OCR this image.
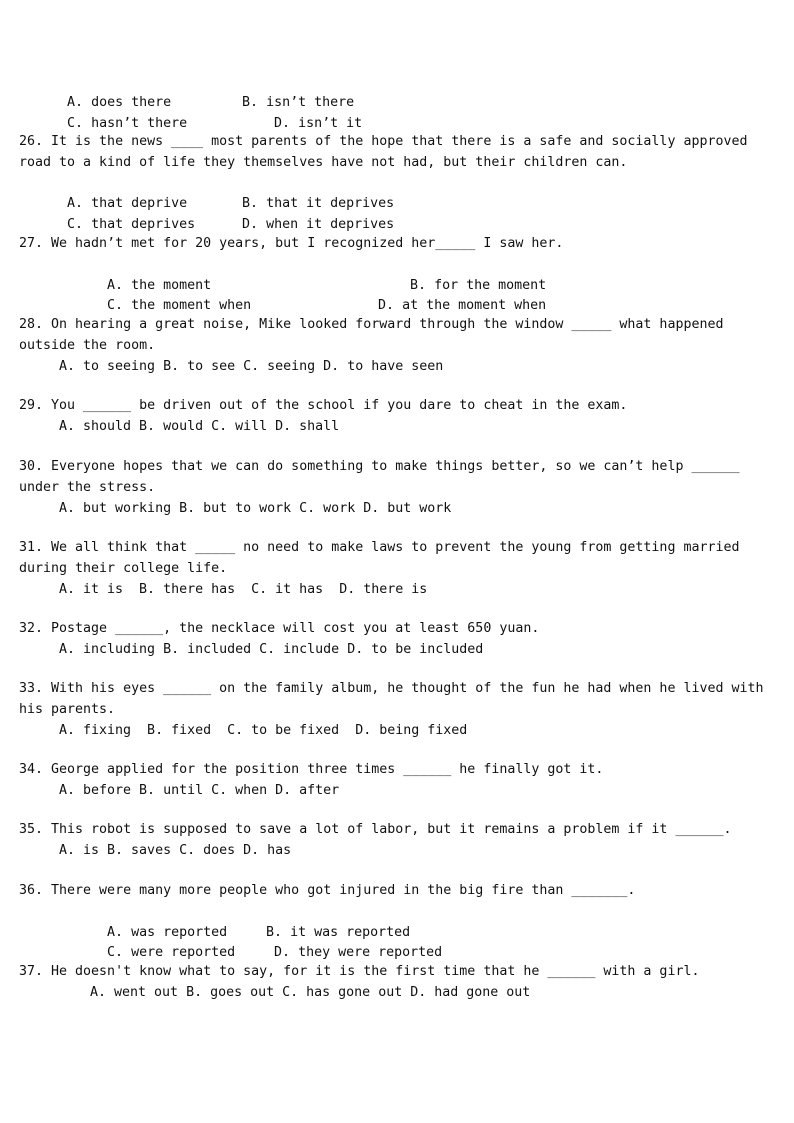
A. does there	B. isn’t there

C. hasn’t there	D. isn’t it

26. It is the news ____ most parents of the hope that there is a safe and socially approved road to a kind of life they themselves have not had, but their children can.

A. that deprive	B. that it deprives

C. that deprives	D. when it deprives

27. We hadn’t met for 20 years, but I recognized her_____ I saw her.

A. the moment	B. for the moment

C. the moment when	D. at the moment when

28. On hearing a great noise, Mike looked forward through the window _____ what happened outside the room.
A. to seeing B. to see C. seeing D. to have seen
29. You ______ be driven out of the school if you dare to cheat in the exam.
A. should B. would C. will D. shall
30. Everyone hopes that we can do something to make things better, so we can’t help ______ under the stress.
A. but working B. but to work C. work D. but work
31. We all think that _____ no need to make laws to prevent the young from getting married during their college life.
A. it is  B. there has  C. it has  D. there is
32. Postage ______, the necklace will cost you at least 650 yuan.
A. including B. included C. include D. to be included
33. With his eyes ______ on the family album, he thought of the fun he had when he lived with his parents.
A. fixing  B. fixed  C. to be fixed  D. being fixed
34. George applied for the position three times ______ he finally got it.
A. before B. until C. when D. after
35. This robot is supposed to save a lot of labor, but it remains a problem if it ______.
A. is B. saves C. does D. has
36. There were many more people who got injured in the big fire than _______.

A. was reported	B. it was reported

C. were reported	D. they were reported

37. He doesn't know what to say, for it is the first time that he ______ with a girl.
A. went out B. goes out C. has gone out D. had gone out
